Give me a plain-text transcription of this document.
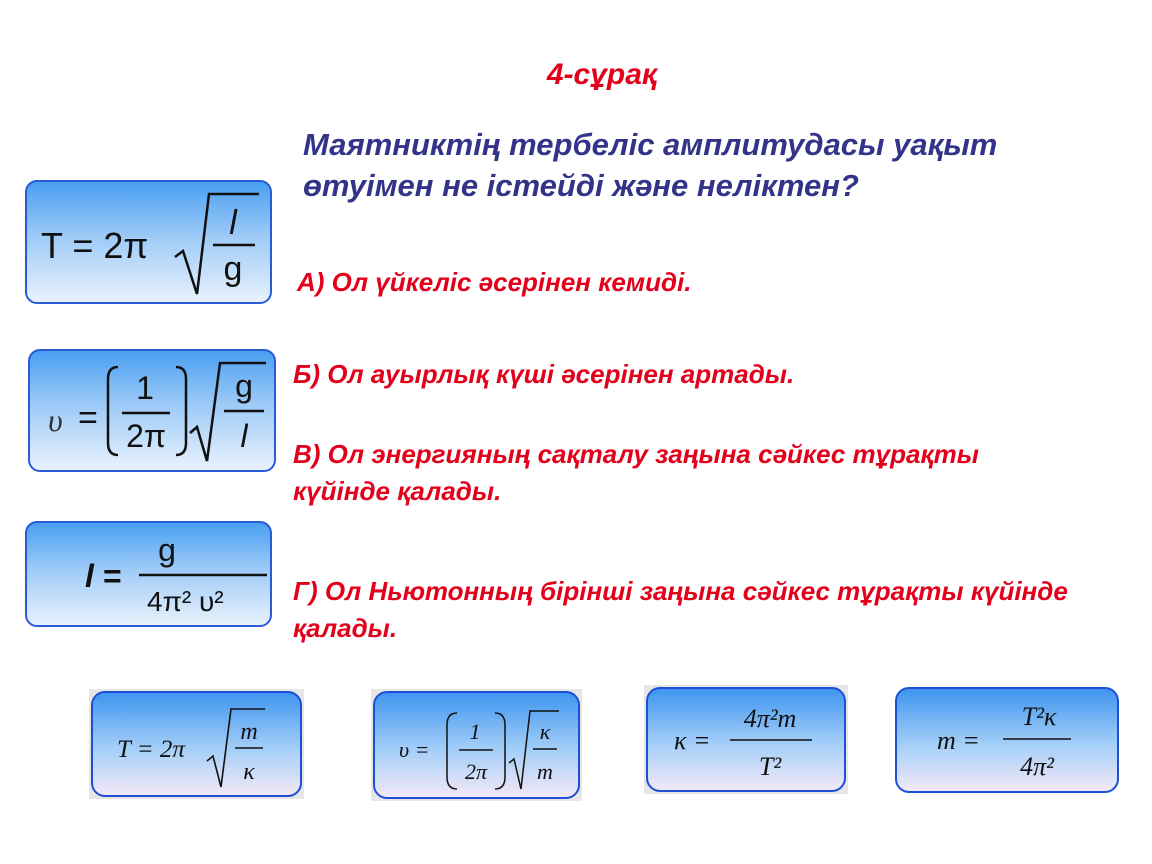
4-сұрақ
Маятниктің тербеліс амплитудасы уақыт өтуімен не істейді және неліктен?
А) Ол үйкеліс әсерінен кемиді.
Б) Ол ауырлық күші әсерінен артады.
В) Ол энергияның сақталу заңына сәйкес тұрақты күйінде қалады.
Г) Ол Ньютонның бірінші заңына сәйкес тұрақты күйінде қалады.
T = 2π
l
g
υ =
1
2π
g
l
l =
g
4π² υ²
T = 2π
m
κ
υ =
1
2π
κ
m
κ =
4π²m
T²
m =
T²κ
4π²
